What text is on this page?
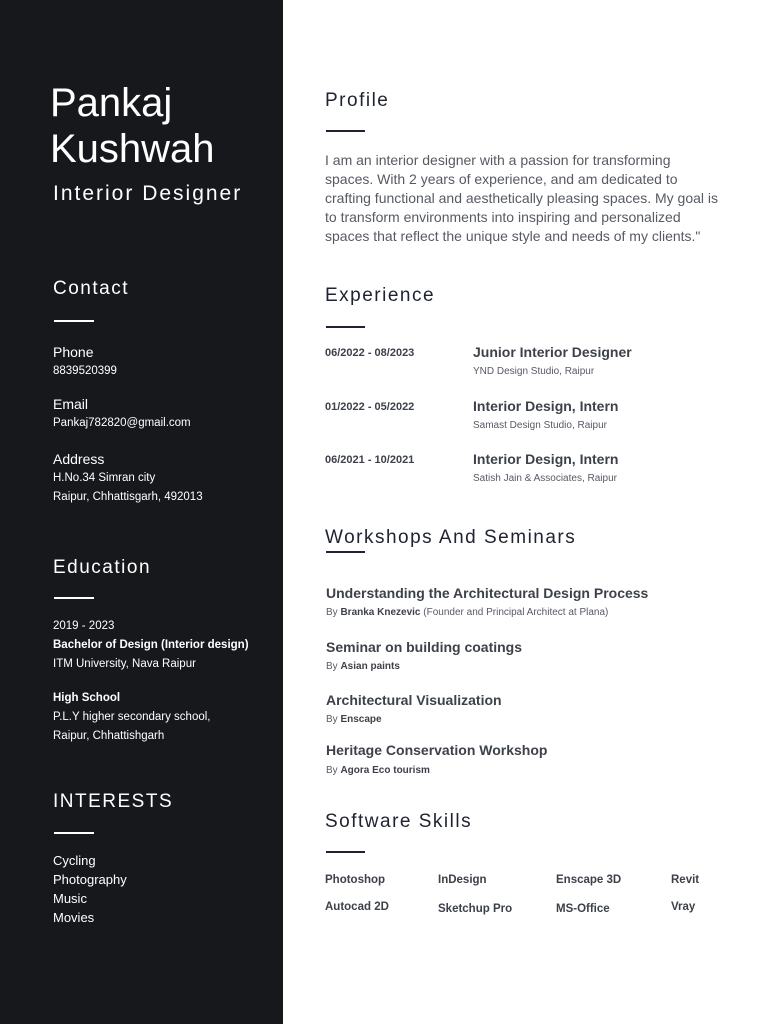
Pankaj
Kushwah
Interior Designer
Contact
Phone
8839520399
Email
Pankaj782820@gmail.com
Address
H.No.34 Simran city
Raipur, Chhattisgarh, 492013
Education
2019 - 2023
Bachelor of Design (Interior design)
ITM University, Nava Raipur
High School
P.L.Y higher secondary school,
Raipur, Chhattishgarh
INTERESTS
Cycling
Photography
Music
Movies
Profile
I am an interior designer with a passion for transforming spaces. With 2 years of experience, and am dedicated to crafting functional and aesthetically pleasing spaces. My goal is to transform environments into inspiring and personalized spaces that reflect the unique style and needs of my clients."
Experience
06/2022 - 08/2023	Junior Interior Designer
YND Design Studio, Raipur
01/2022 - 05/2022	Interior Design, Intern
Samast Design Studio, Raipur
06/2021 - 10/2021	Interior Design, Intern
Satish Jain & Associates, Raipur
Workshops And Seminars
Understanding the Architectural Design Process
By Branka Knezevic (Founder and Principal Architect at Plana)
Seminar on building coatings
By Asian paints
Architectural Visualization
By Enscape
Heritage Conservation Workshop
By Agora Eco tourism
Software Skills
Photoshop	InDesign	Enscape 3D	Revit
Autocad 2D	Sketchup Pro	MS-Office	Vray
